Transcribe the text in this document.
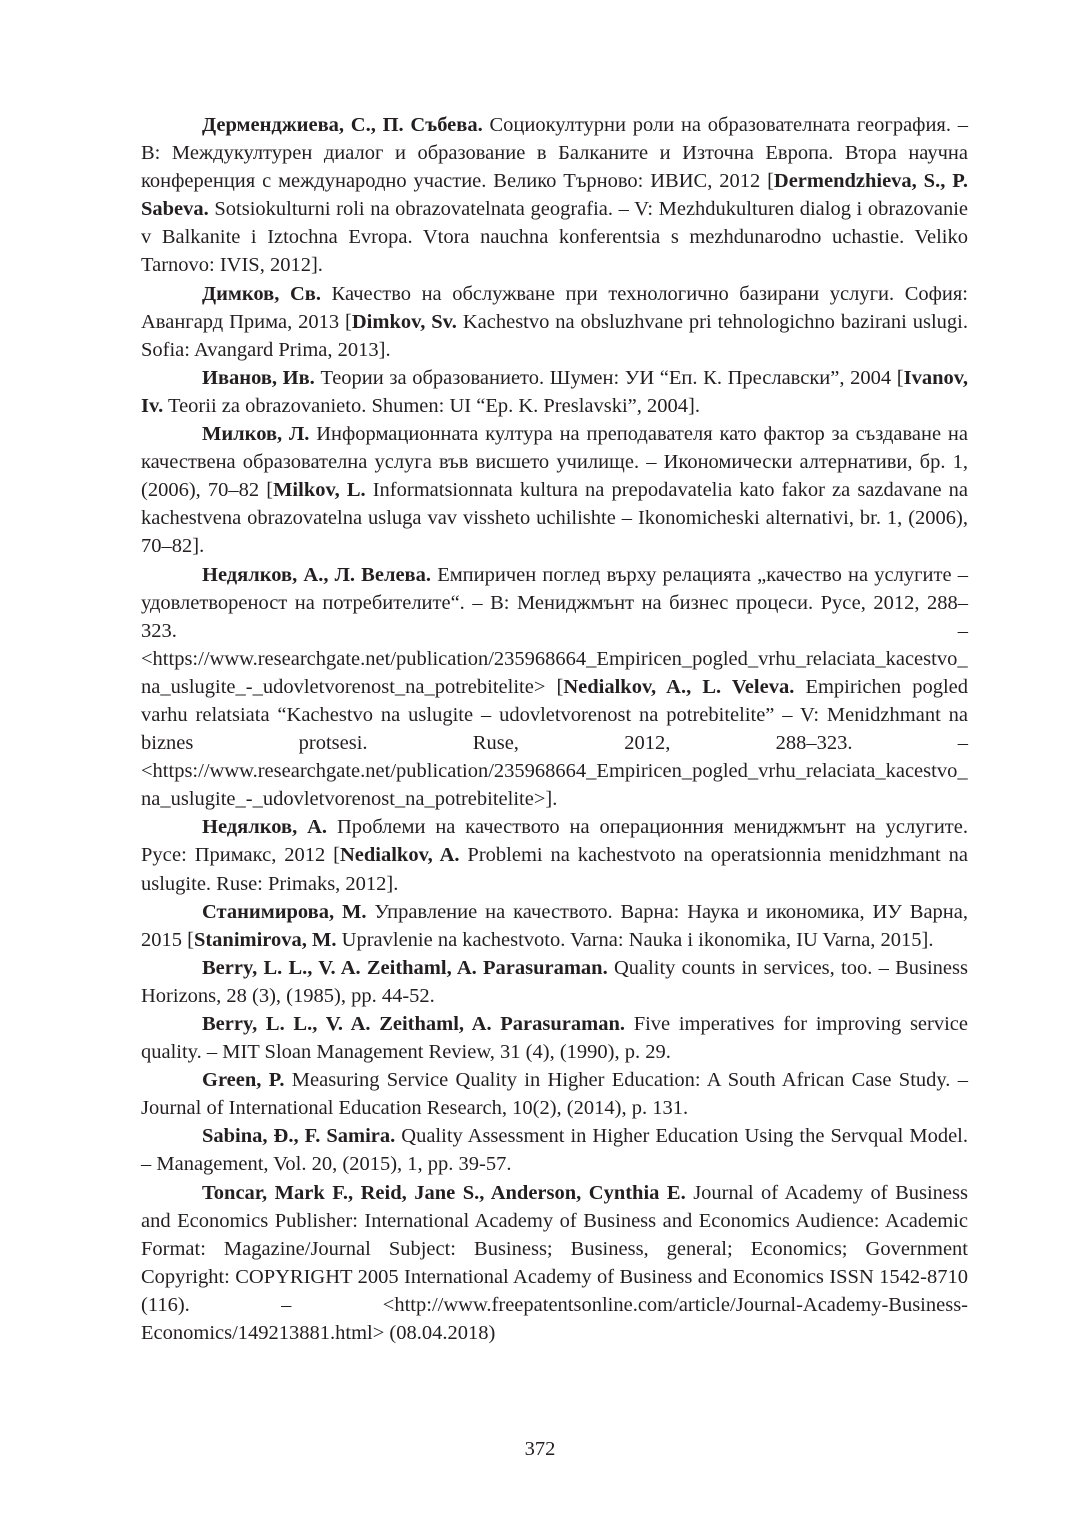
Дерменджиева, С., П. Събева. Социокултурни роли на образователната география. – В: Междукултурен диалог и образование в Балканите и Източна Европа. Втора научна конференция с международно участие. Велико Търново: ИВИС, 2012 [Dermendzhieva, S., P. Sabeva. Sotsiokulturni roli na obrazovatelnata geografia. – V: Mezhdukulturen dialog i obrazovanie v Balkanite i Iztochna Evropa. Vtora nauchna konferentsia s mezhdunarodno uchastie. Veliko Tarnovo: IVIS, 2012].

Димков, Св. Качество на обслужване при технологично базирани услуги. София: Авангард Прима, 2013 [Dimkov, Sv. Kachestvo na obsluzhvane pri tehnologichno bazirani uslugi. Sofia: Avangard Prima, 2013].

Иванов, Ив. Теории за образованието. Шумен: УИ “Еп. К. Преславски”, 2004 [Ivanov, Iv. Teorii za obrazovanieto. Shumen: UI “Ep. K. Preslavski”, 2004].

Милков, Л. Информационната култура на преподавателя като фактор за създаване на качествена образователна услуга във висшето училище. – Икономически алтернативи, бр. 1, (2006), 70–82 [Milkov, L. Informatsionnata kultura na prepodavatelia kato fakor za sazdavane na kachestvena obrazovatelna usluga vav vissheto uchilishte – Ikonomicheski alternativi, br. 1, (2006), 70–82].

Недялков, А., Л. Велева. Емпиричен поглед върху релацията „качество на услугите – удовлетвореност на потребителите“. – В: Мениджмънт на бизнес процеси. Русе, 2012, 288–323. – <https://www.researchgate.net/publication/235968664_Empiricen_pogled_vrhu_relaciata_kacestvo_na_uslugite_-_udovletvorenost_na_potrebitelite> [Nedialkov, A., L. Veleva. Empirichen pogled varhu relatsiata “Kachestvo na uslugite – udovletvorenost na potrebitelite” – V: Menidzhmant na biznes protsesi. Ruse, 2012, 288–323. – <https://www.researchgate.net/publication/235968664_Empiricen_pogled_vrhu_relaciata_kacestvo_na_uslugite_-_udovletvorenost_na_potrebitelite>].

Недялков, А. Проблеми на качеството на операционния мениджмънт на услугите. Русе: Примакс, 2012 [Nedialkov, A. Problemi na kachestvoto na operatsionnia menidzhmant na uslugite. Ruse: Primaks, 2012].

Станимирова, М. Управление на качеството. Варна: Наука и икономика, ИУ Варна, 2015 [Stanimirova, M. Upravlenie na kachestvoto. Varna: Nauka i ikonomika, IU Varna, 2015].

Berry, L. L., V. A. Zeithaml, A. Parasuraman. Quality counts in services, too. – Business Horizons, 28 (3), (1985), pp. 44-52.

Berry, L. L., V. A. Zeithaml, A. Parasuraman. Five imperatives for improving service quality. – MIT Sloan Management Review, 31 (4), (1990), p. 29.

Green, P. Measuring Service Quality in Higher Education: A South African Case Study. – Journal of International Education Research, 10(2), (2014), p. 131.

Sabina, Đ., F. Samira. Quality Assessment in Higher Education Using the Servqual Model. – Management, Vol. 20, (2015), 1, pp. 39-57.

Toncar, Mark F., Reid, Jane S., Anderson, Cynthia E. Journal of Academy of Business and Economics Publisher: International Academy of Business and Economics Audience: Academic Format: Magazine/Journal Subject: Business; Business, general; Economics; Government Copyright: COPYRIGHT 2005 International Academy of Business and Economics ISSN 1542-8710 (116). – <http://www.freepatentsonline.com/article/Journal-Academy-Business-Economics/149213881.html> (08.04.2018)

372
